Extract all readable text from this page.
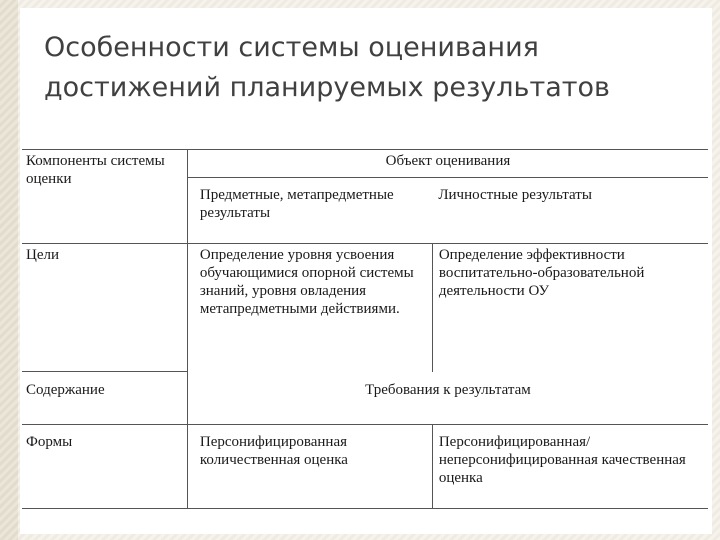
Особенности системы оценивания
достижений планируемых результатов
Компоненты системы оценки	Объект оценивания	
	Предметные, метапредметные результаты	Личностные результаты
Цели	Определение уровня усвоения обучающимися опорной системы знаний, уровня овладения метапредметными действиями.	Определение эффективности воспитательно-образовательной деятельности ОУ
Содержание	Требования к результатам	
Формы	Персонифицированная количественная оценка	Персонифицированная/ неперсонифицированная качественная оценка
